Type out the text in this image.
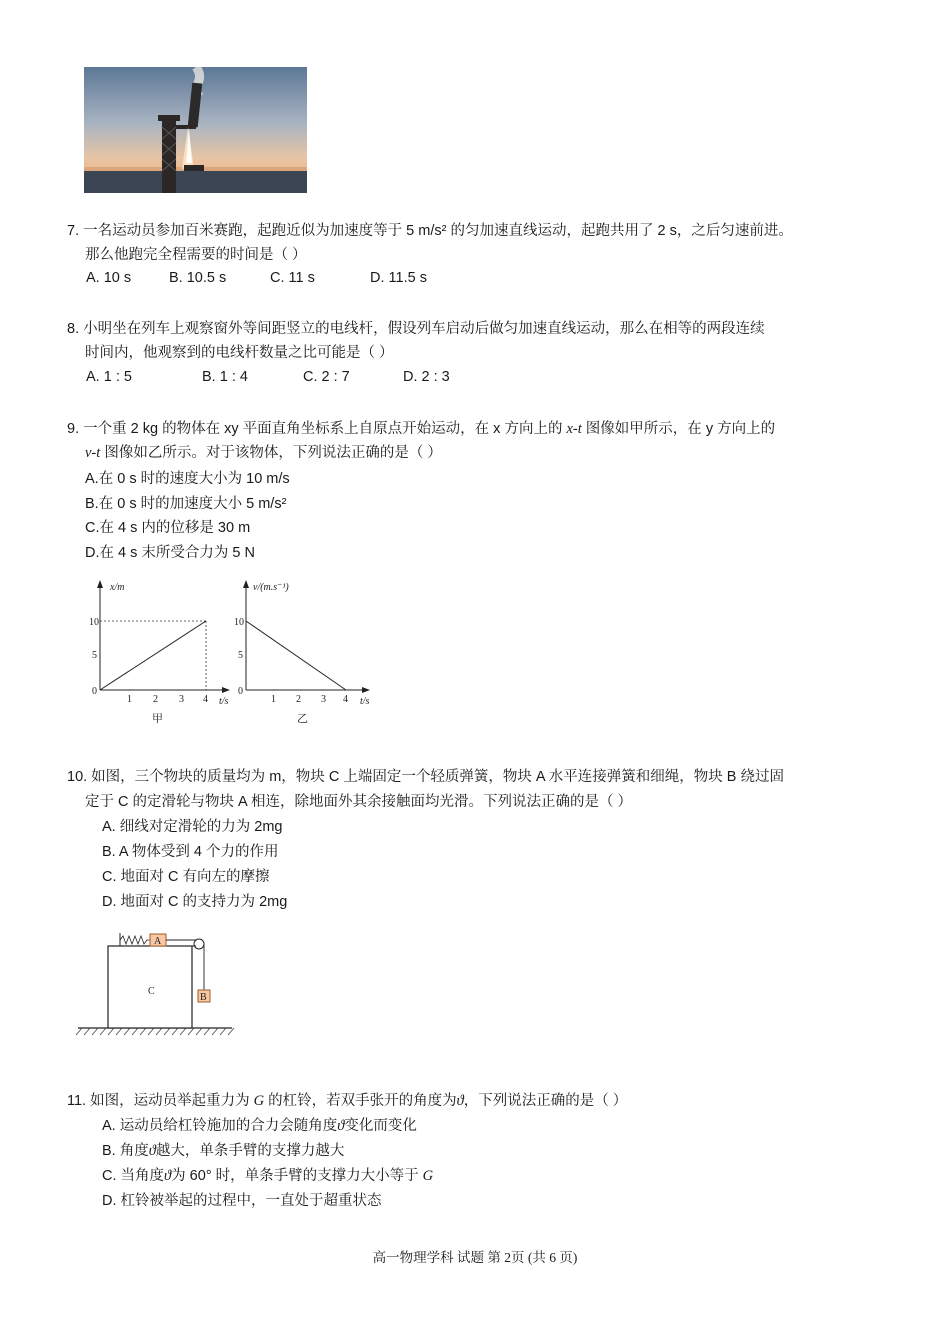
7. 一名运动员参加百米赛跑，起跑近似为加速度等于 5 m/s² 的匀加速直线运动，起跑共用了 2 s，之后匀速前进。
那么他跑完全程需要的时间是（ ）
A. 10 s	B. 10.5 s	C. 11 s	D. 11.5 s
8. 小明坐在列车上观察窗外等间距竖立的电线杆，假设列车启动后做匀加速直线运动，那么在相等的两段连续
时间内，他观察到的电线杆数量之比可能是（ ）
A. 1 : 5	B. 1 : 4	C. 2 : 7	D. 2 : 3
9. 一个重 2 kg 的物体在 xy 平面直角坐标系上自原点开始运动，在 x 方向上的 x-t 图像如甲所示，在 y 方向上的
v-t 图像如乙所示。对于该物体，下列说法正确的是（ ）
A.在 0 s 时的速度大小为 10 m/s
B.在 0 s 时的加速度大小 5 m/s²
C.在 4 s 内的位移是 30 m
D.在 4 s 末所受合力为 5 N
x/m
10
5
0
1 2 3 4 t/s
甲
v/(m.s⁻¹)
10
5
0
1 2 3 4 t/s
乙
10. 如图，三个物块的质量均为 m，物块 C 上端固定一个轻质弹簧，物块 A 水平连接弹簧和细绳，物块 B 绕过固
定于 C 的定滑轮与物块 A 相连，除地面外其余接触面均光滑。下列说法正确的是（ ）
A. 细线对定滑轮的力为 2mg
B. A 物体受到 4 个力的作用
C. 地面对 C 有向左的摩擦
D. 地面对 C 的支持力为 2mg
C
A
B
11. 如图，运动员举起重力为 G 的杠铃，若双手张开的角度为ϑ，下列说法正确的是（ ）
A. 运动员给杠铃施加的合力会随角度ϑ变化而变化
B. 角度ϑ越大，单条手臂的支撑力越大
C. 当角度ϑ为 60° 时，单条手臂的支撑力大小等于 G
D. 杠铃被举起的过程中，一直处于超重状态
高一物理学科 试题 第 2页 (共 6 页)
